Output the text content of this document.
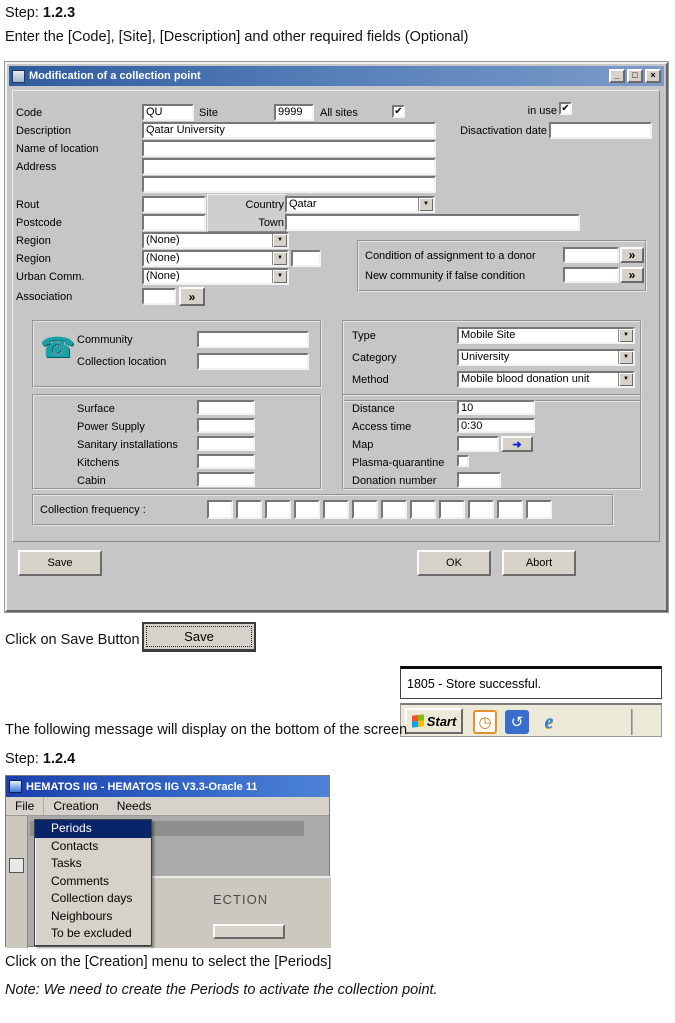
Step: 1.2.3
Enter the [Code], [Site], [Description] and other required fields (Optional)
Modification of a collection point	_	□	×
Code	QU	Site	9999	All sites	✔	in use ✔
Description	Qatar University	Disactivation date
Name of location
Address
Rout	Country Qatar	▼
Postcode	Town
Region	(None)	▼
Region	(None)	▼
Urban Comm.	(None)	▼
Association	»
Condition of assignment to a donor	»
New community if false condition	»
☎ Community
Collection location
Type	Mobile Site	▼
Category	University	▼
Method	Mobile blood donation unit	▼
Surface
Power Supply
Sanitary installations
Kitchens
Cabin
Distance	10
Access time	0:30
Map	➜
Plasma-quarantine
Donation number
Collection frequency :
Save	OK	Abort
Click on Save Button	Save
1805 - Store successful.
Start	◷	↺	e
The following message will display on the bottom of the screen
Step: 1.2.4
HEMATOS IIG - HEMATOS IIG V3.3-Oracle 11
File	Creation	Needs
ECTION
Periods
Contacts
Tasks
Comments
Collection days
Neighbours
To be excluded
Click on the [Creation] menu to select the [Periods]
Note: We need to create the Periods to activate the collection point.
